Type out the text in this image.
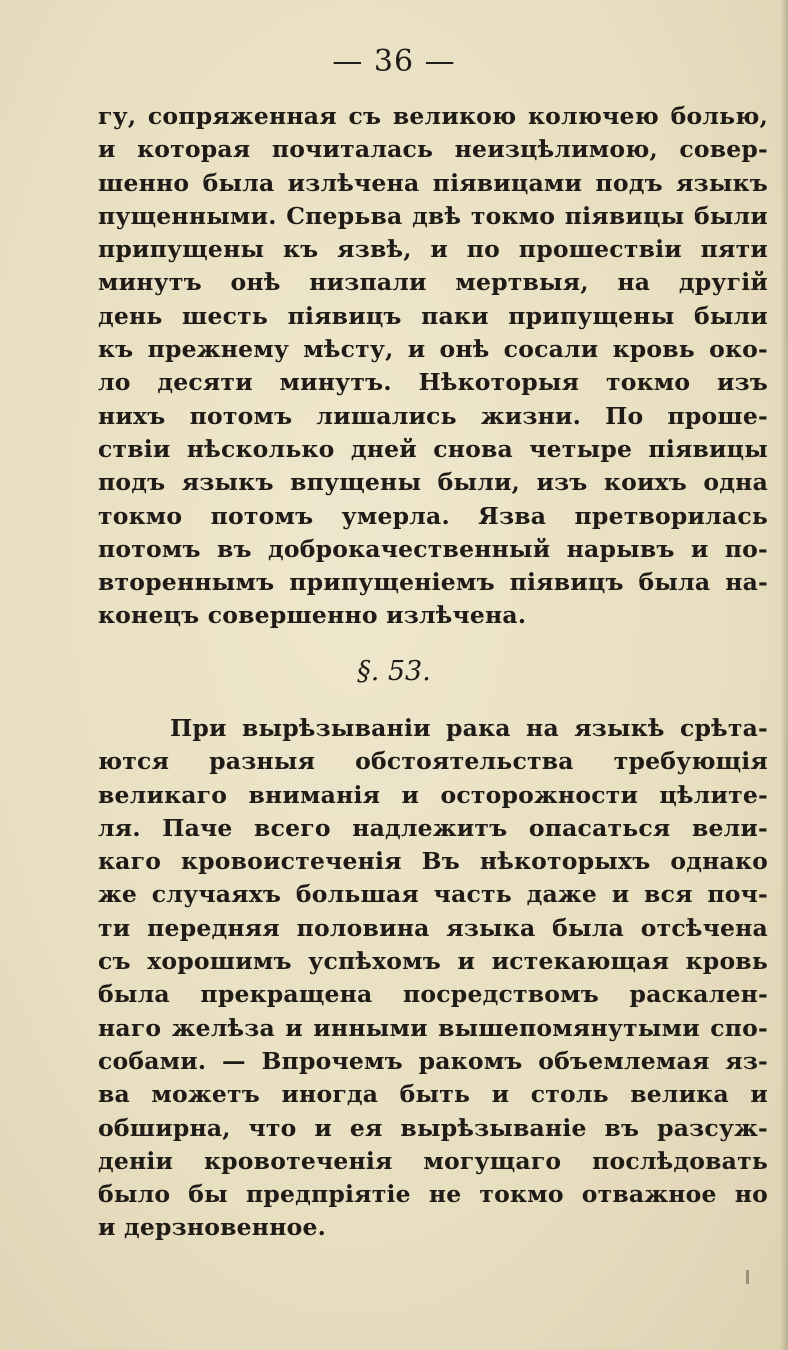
— 36 —
гу, сопряженная съ великою колючею болью,
и которая почиталась неизцѣлимою, совер-
шенно была излѣчена піявицами подъ языкъ
пущенными. Сперьва двѣ токмо піявицы были
припущены къ язвѣ, и по прошествіи пяти
минутъ онѣ низпали мертвыя, на другій
день шесть піявицъ паки припущены были
къ прежнему мѣсту, и онѣ сосали кровь око-
ло десяти минутъ. Нѣкоторыя токмо изъ
нихъ потомъ лишались жизни. По проше-
ствіи нѣсколько дней снова четыре піявицы
подъ языкъ впущены были, изъ коихъ одна
токмо потомъ умерла. Язва претворилась
потомъ въ доброкачественный нарывъ и по-
втореннымъ припущеніемъ піявицъ была на-
конецъ совершенно излѣчена.
§. 53.
При вырѣзываніи рака на языкѣ срѣта-
ются разныя обстоятельства требующія
великаго вниманія и осторожности цѣлите-
ля. Паче всего надлежитъ опасаться вели-
каго кровоистеченія Въ нѣкоторыхъ однако
же случаяхъ большая часть даже и вся поч-
ти передняя половина языка была отсѣчена
съ хорошимъ успѣхомъ и истекающая кровь
была прекращена посредствомъ раскален-
наго желѣза и инными вышепомянутыми спо-
собами. — Впрочемъ ракомъ объемлемая яз-
ва можетъ иногда быть и столь велика и
обширна, что и ея вырѣзываніе въ разсуж-
деніи кровотеченія могущаго послѣдовать
было бы предпріятіе не токмо отважное но
и дерзновенное.
